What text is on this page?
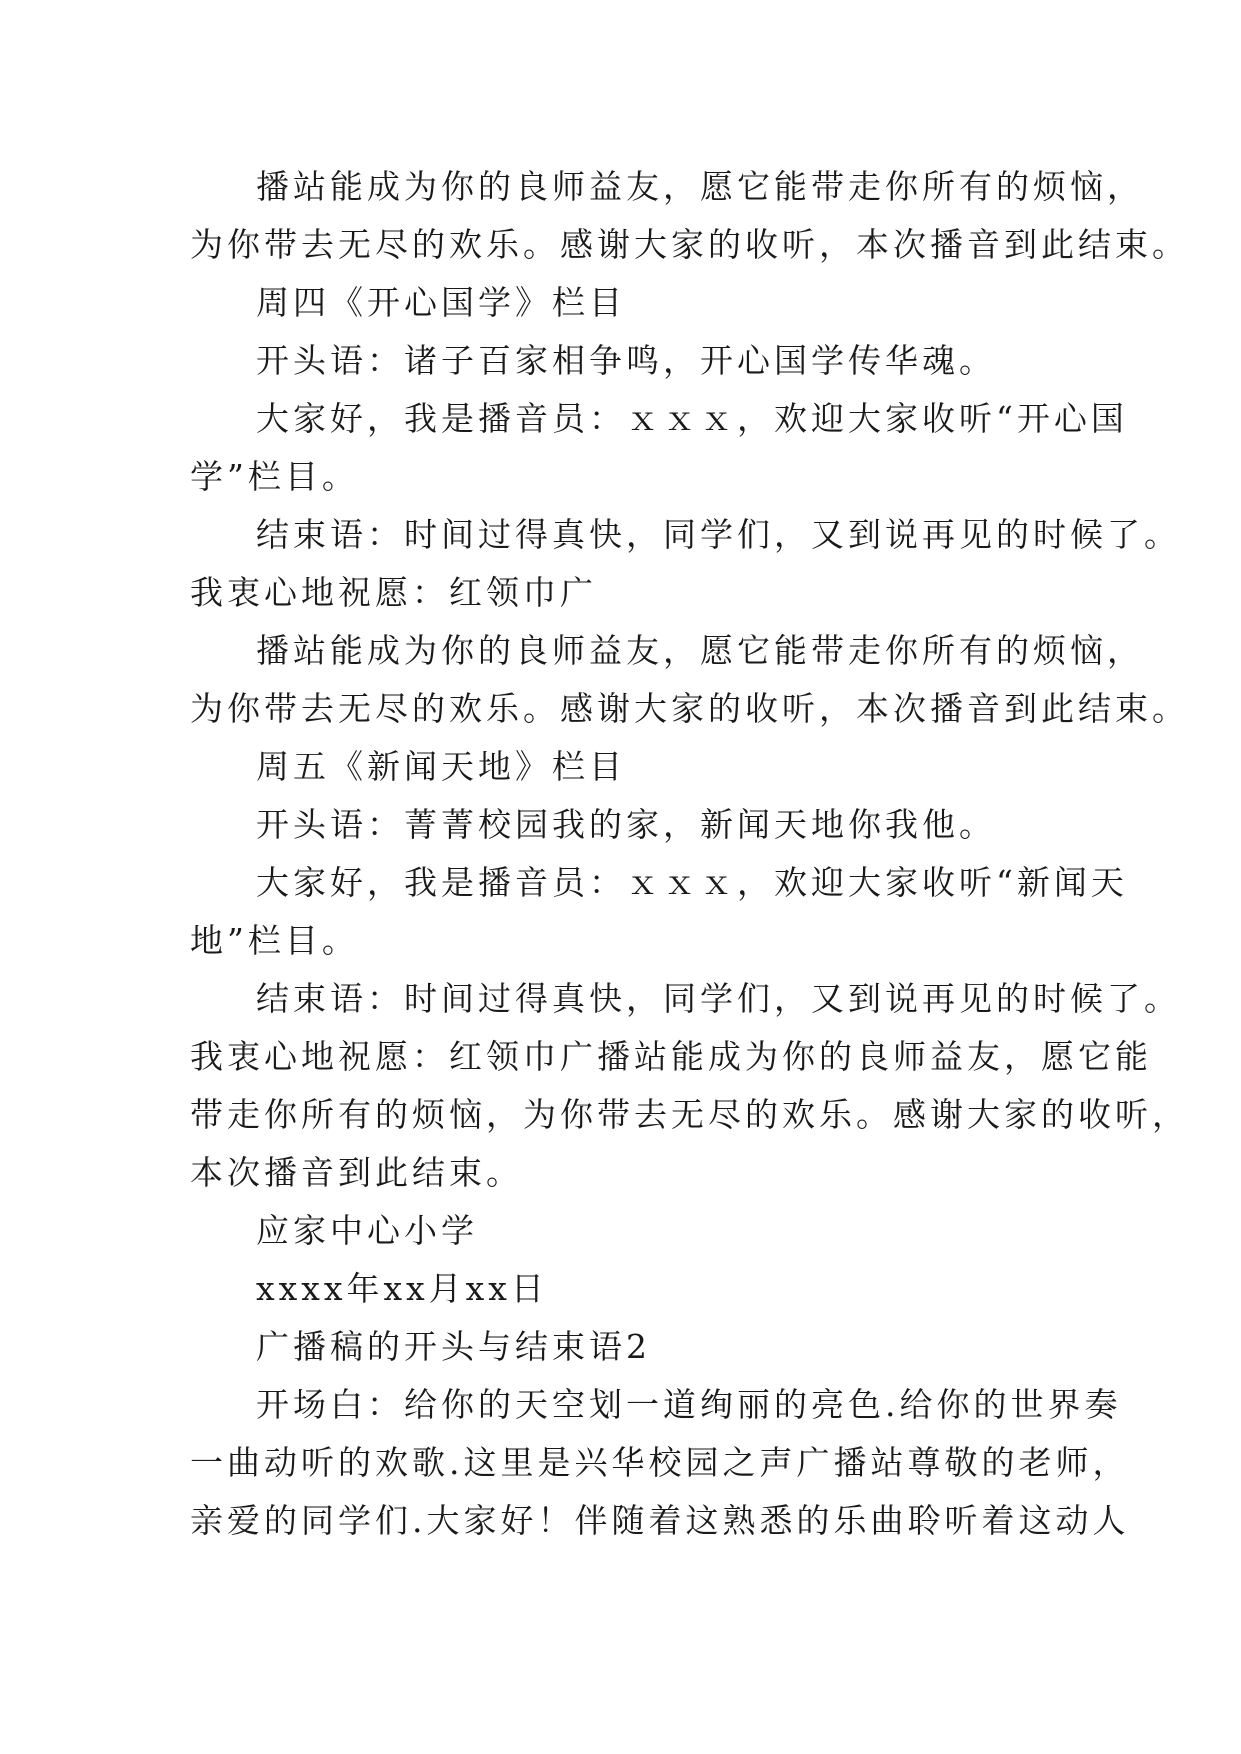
播站能成为你的良师益友，愿它能带走你所有的烦恼，

为你带去无尽的欢乐。感谢大家的收听，本次播音到此结束。

周四《开心国学》栏目

开头语：诸子百家相争鸣，开心国学传华魂。

大家好，我是播音员：ｘｘｘ，欢迎大家收听“开心国

学”栏目。

结束语：时间过得真快，同学们，又到说再见的时候了。

我衷心地祝愿：红领巾广

播站能成为你的良师益友，愿它能带走你所有的烦恼，

为你带去无尽的欢乐。感谢大家的收听，本次播音到此结束。

周五《新闻天地》栏目

开头语：菁菁校园我的家，新闻天地你我他。

大家好，我是播音员：ｘｘｘ，欢迎大家收听“新闻天

地”栏目。

结束语：时间过得真快，同学们，又到说再见的时候了。

我衷心地祝愿：红领巾广播站能成为你的良师益友，愿它能

带走你所有的烦恼，为你带去无尽的欢乐。感谢大家的收听，

本次播音到此结束。

应家中心小学

xxxx年xx月xx日

广播稿的开头与结束语2

开场白：给你的天空划一道绚丽的亮色.给你的世界奏

一曲动听的欢歌.这里是兴华校园之声广播站尊敬的老师，

亲爱的同学们.大家好！伴随着这熟悉的乐曲聆听着这动人
